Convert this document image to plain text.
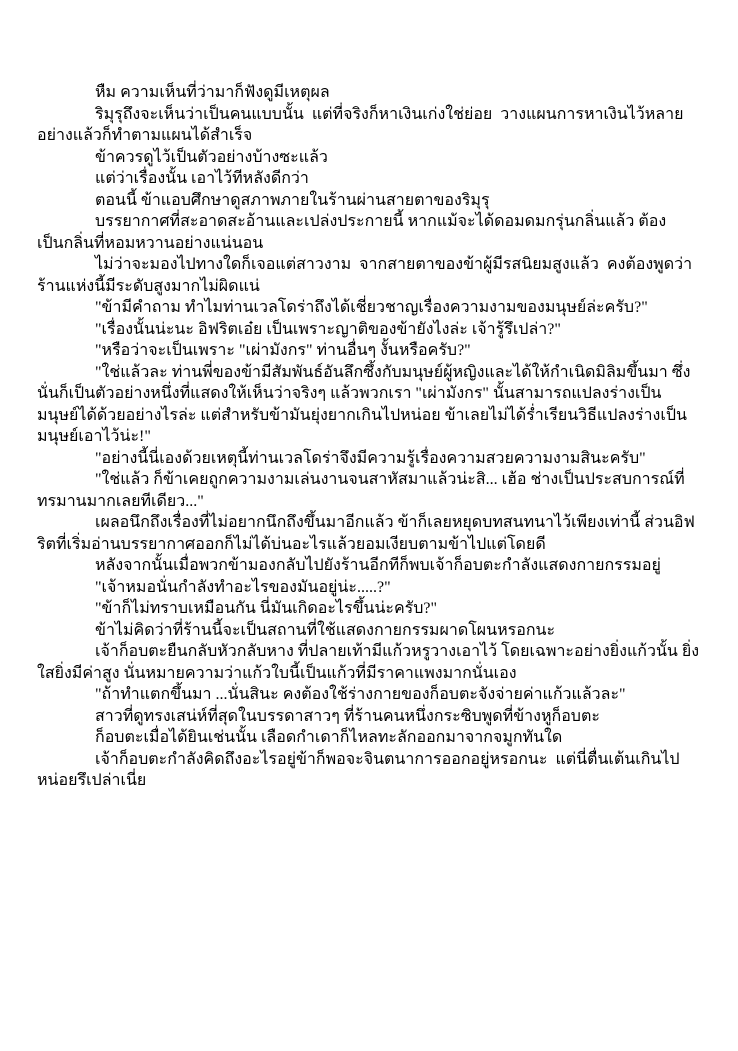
หืม ความเห็นที่ว่ามาก็ฟังดูมีเหตุผล

ริมุรุถึงจะเห็นว่าเป็นคนแบบนั้น  แต่ที่จริงก็หาเงินเก่งใช่ย่อย  วางแผนการหาเงินไว้หลายอย่างแล้วก็ทำตามแผนได้สำเร็จ

ข้าควรดูไว้เป็นตัวอย่างบ้างซะแล้ว

แต่ว่าเรื่องนั้น เอาไว้ทีหลังดีกว่า

ตอนนี้ ข้าแอบศึกษาดูสภาพภายในร้านผ่านสายตาของริมุรุ

บรรยากาศที่สะอาดสะอ้านและเปล่งประกายนี้ หากแม้จะได้ดอมดมกรุ่นกลิ่นแล้ว ต้องเป็นกลิ่นที่หอมหวานอย่างแน่นอน

ไม่ว่าจะมองไปทางใดก็เจอแต่สาวงาม  จากสายตาของข้าผู้มีรสนิยมสูงแล้ว  คงต้องพูดว่าร้านแห่งนี้มีระดับสูงมากไม่ผิดแน่

"ข้ามีคำถาม ทำไมท่านเวลโดร่าถึงได้เชี่ยวชาญเรื่องความงามของมนุษย์ล่ะครับ?"

"เรื่องนั้นน่ะนะ อิฟริตเอ๋ย เป็นเพราะญาติของข้ายังไงล่ะ เจ้ารู้รึเปล่า?"

"หรือว่าจะเป็นเพราะ "เผ่ามังกร" ท่านอื่นๆ งั้นหรือครับ?"

"ใช่แล้วละ ท่านพี่ของข้ามีสัมพันธ์อันลึกซึ้งกับมนุษย์ผู้หญิงและได้ให้กำเนิดมิลิมขึ้นมา ซึ่งนั่นก็เป็นตัวอย่างหนึ่งที่แสดงให้เห็นว่าจริงๆ แล้วพวกเรา "เผ่ามังกร" นั้นสามารถแปลงร่างเป็นมนุษย์ได้ด้วยอย่างไรล่ะ แต่สำหรับข้ามันยุ่งยากเกินไปหน่อย ข้าเลยไม่ได้ร่ำเรียนวิธีแปลงร่างเป็นมนุษย์เอาไว้น่ะ!"

"อย่างนี้นี่เองด้วยเหตุนี้ท่านเวลโดร่าจึงมีความรู้เรื่องความสวยความงามสินะครับ"

"ใช่แล้ว ก็ข้าเคยถูกความงามเล่นงานจนสาหัสมาแล้วน่ะสิ... เฮ้อ ช่างเป็นประสบการณ์ที่ทรมานมากเลยทีเดียว..."

เผลอนึกถึงเรื่องที่ไม่อยากนึกถึงขึ้นมาอีกแล้ว ข้าก็เลยหยุดบทสนทนาไว้เพียงเท่านี้ ส่วนอิฟริตที่เริ่มอ่านบรรยากาศออกก็ไม่ได้บ่นอะไรแล้วยอมเงียบตามข้าไปแต่โดยดี

หลังจากนั้นเมื่อพวกข้ามองกลับไปยังร้านอีกทีก็พบเจ้าก็อบตะกำลังแสดงกายกรรมอยู่

"เจ้าหมอนั่นกำลังทำอะไรของมันอยู่น่ะ.....?"

"ข้าก็ไม่ทราบเหมือนกัน นี่มันเกิดอะไรขึ้นน่ะครับ?"

ข้าไม่คิดว่าที่ร้านนี้จะเป็นสถานที่ใช้แสดงกายกรรมผาดโผนหรอกนะ

เจ้าก็อบตะยืนกลับหัวกลับหาง ที่ปลายเท้ามีแก้วหรูวางเอาไว้ โดยเฉพาะอย่างยิ่งแก้วนั้น ยิ่งใสยิ่งมีค่าสูง นั่นหมายความว่าแก้วใบนี้เป็นแก้วที่มีราคาแพงมากนั่นเอง

"ถ้าทำแตกขึ้นมา ...นั่นสินะ คงต้องใช้ร่างกายของก็อบตะจังจ่ายค่าแก้วแล้วละ"

สาวที่ดูทรงเสน่ห์ที่สุดในบรรดาสาวๆ ที่ร้านคนหนึ่งกระซิบพูดที่ข้างหูก็อบตะ

ก็อบตะเมื่อได้ยินเช่นนั้น เลือดกำเดาก็ไหลทะลักออกมาจากจมูกทันใด

เจ้าก็อบตะกำลังคิดถึงอะไรอยู่ข้าก็พอจะจินตนาการออกอยู่หรอกนะ  แต่นี่ตื่นเต้นเกินไปหน่อยรึเปล่าเนี่ย
